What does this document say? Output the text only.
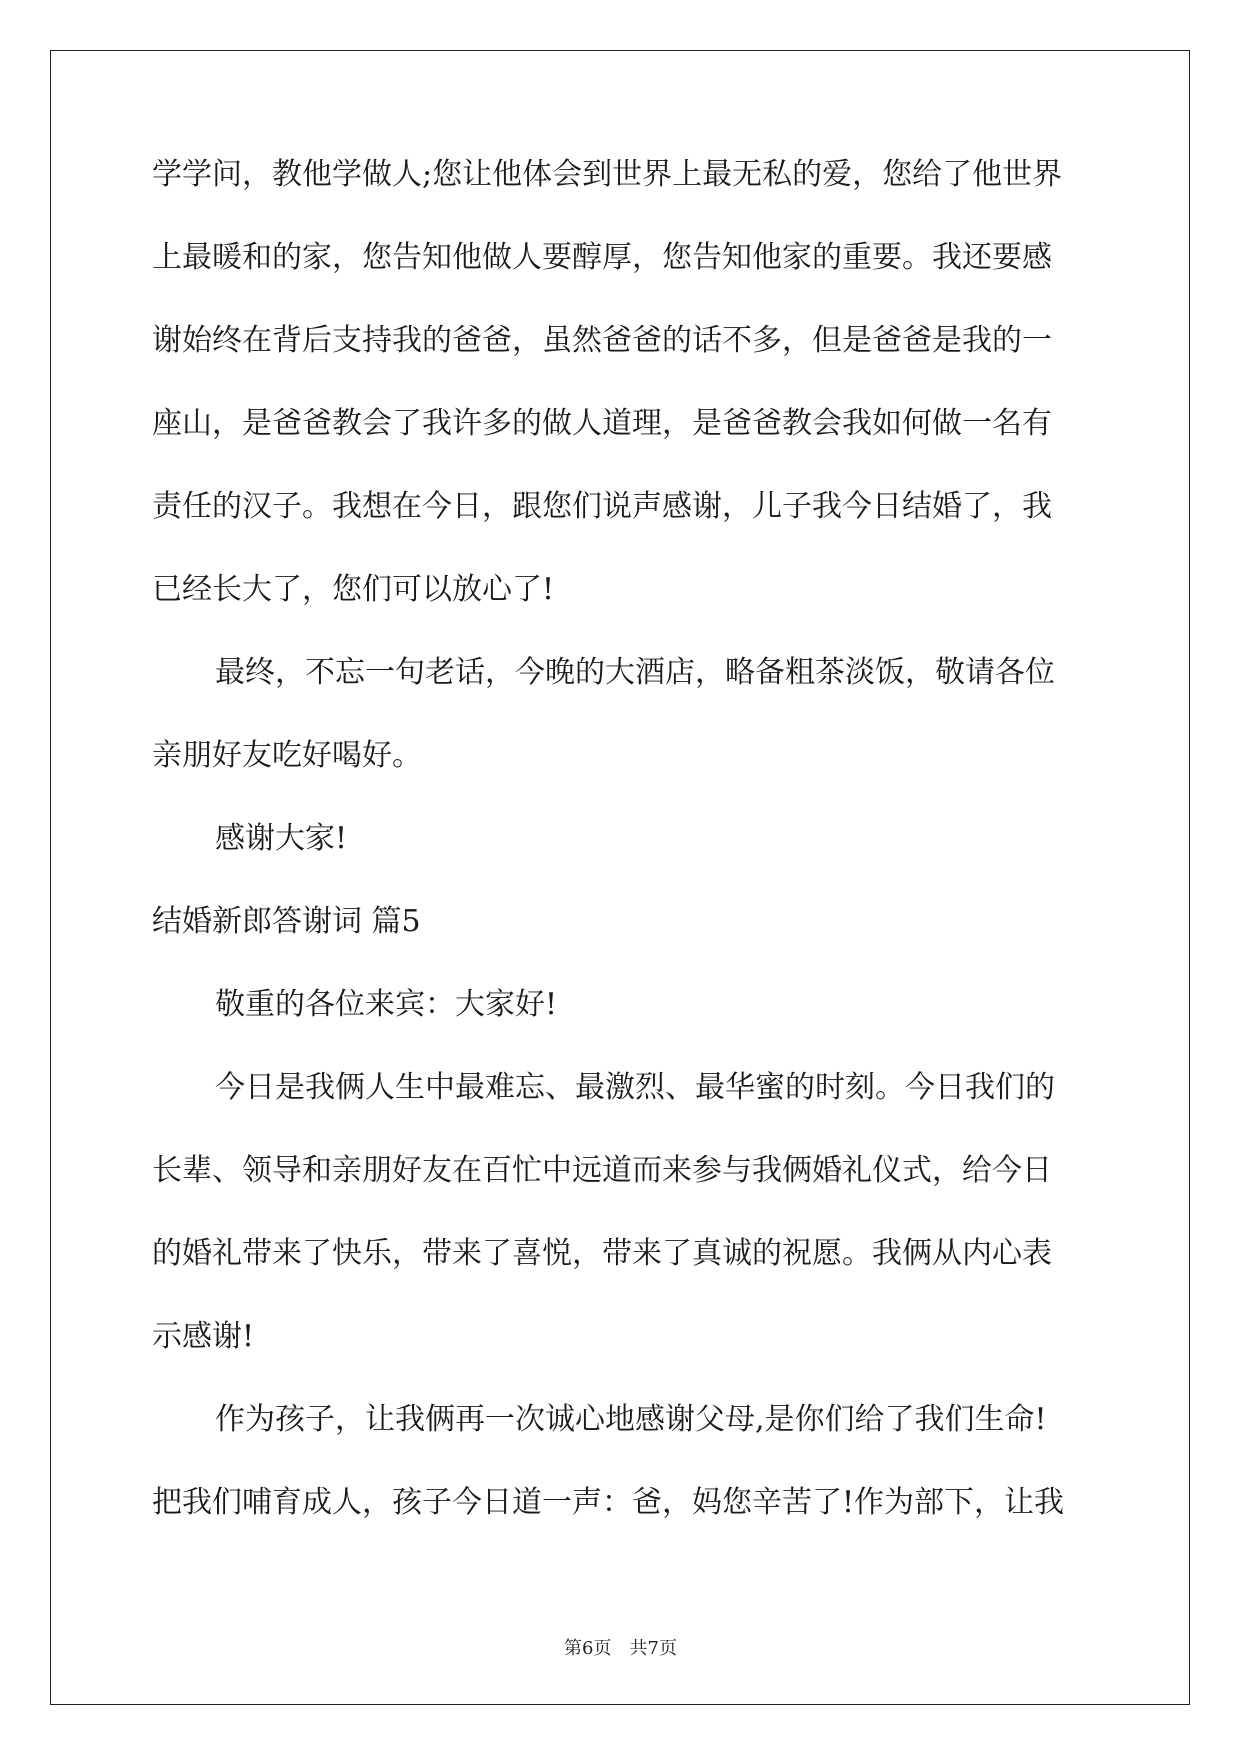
学学问，教他学做人;您让他体会到世界上最无私的爱，您给了他世界
上最暖和的家，您告知他做人要醇厚，您告知他家的重要。我还要感
谢始终在背后支持我的爸爸，虽然爸爸的话不多，但是爸爸是我的一
座山，是爸爸教会了我许多的做人道理，是爸爸教会我如何做一名有
责任的汉子。我想在今日，跟您们说声感谢，儿子我今日结婚了，我
已经长大了，您们可以放心了!
最终，不忘一句老话，今晚的大酒店，略备粗茶淡饭，敬请各位
亲朋好友吃好喝好。
感谢大家!
结婚新郎答谢词 篇5
敬重的各位来宾：大家好!
今日是我俩人生中最难忘、最激烈、最华蜜的时刻。今日我们的
长辈、领导和亲朋好友在百忙中远道而来参与我俩婚礼仪式，给今日
的婚礼带来了快乐，带来了喜悦，带来了真诚的祝愿。我俩从内心表
示感谢!
作为孩子，让我俩再一次诚心地感谢父母,是你们给了我们生命!
把我们哺育成人，孩子今日道一声：爸，妈您辛苦了!作为部下，让我
第6页　共7页
